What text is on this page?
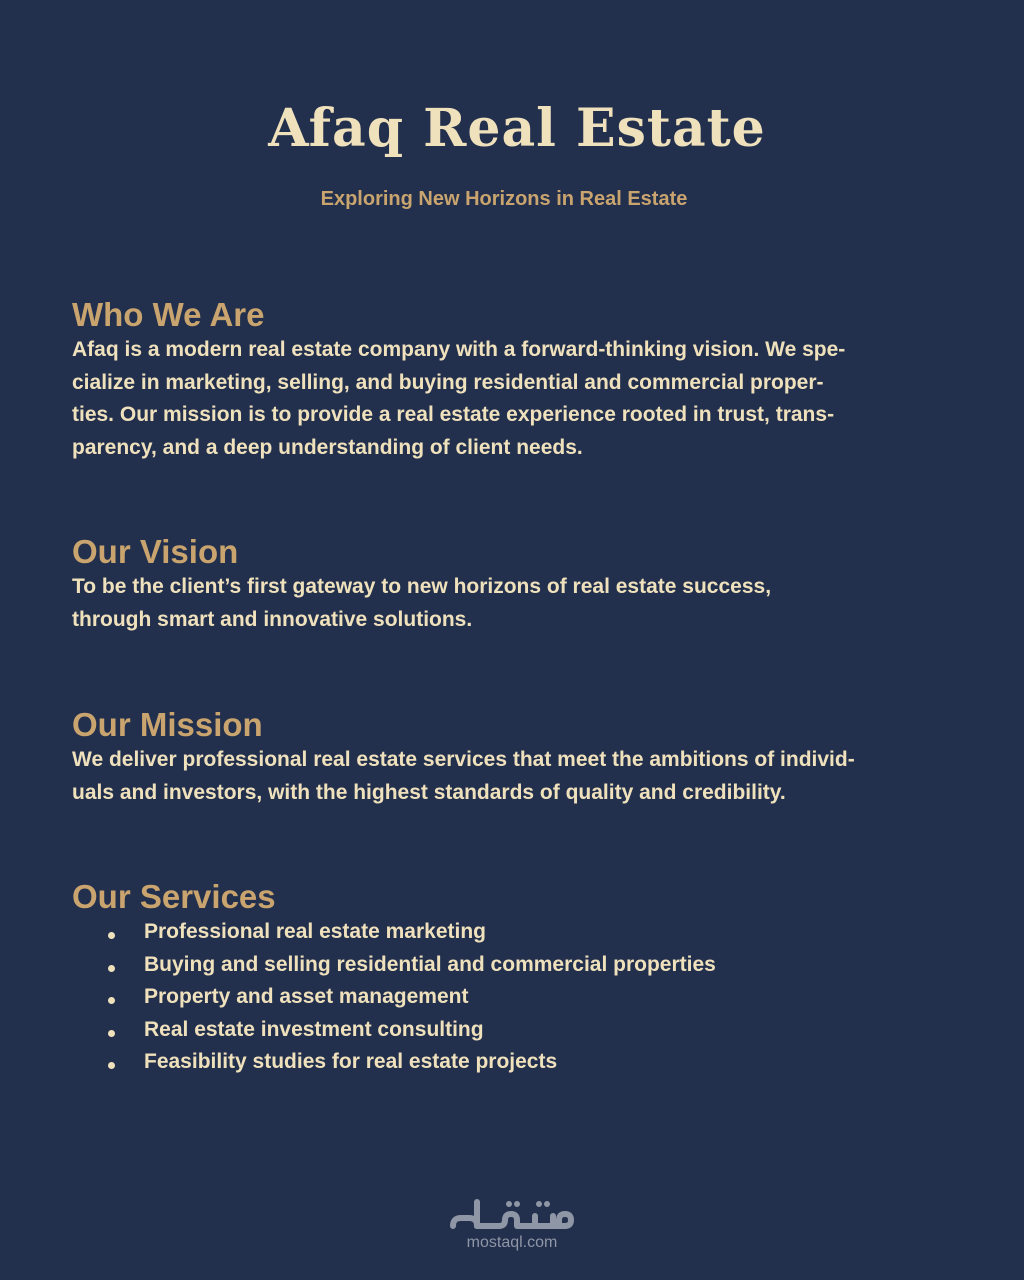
Afaq Real Estate

Exploring New Horizons in Real Estate

Who We Are

Afaq is a modern real estate company with a forward-thinking vision. We spe-
cialize in marketing, selling, and buying residential and commercial proper-
ties. Our mission is to provide a real estate experience rooted in trust, trans-
parency, and a deep understanding of client needs.

Our Vision

To be the client’s first gateway to new horizons of real estate success,
through smart and innovative solutions.

Our Mission

We deliver professional real estate services that meet the ambitions of individ-
uals and investors, with the highest standards of quality and credibility.

Our Services
Professional real estate marketing
Buying and selling residential and commercial properties
Property and asset management
Real estate investment consulting
Feasibility studies for real estate projects

mostaql.com
